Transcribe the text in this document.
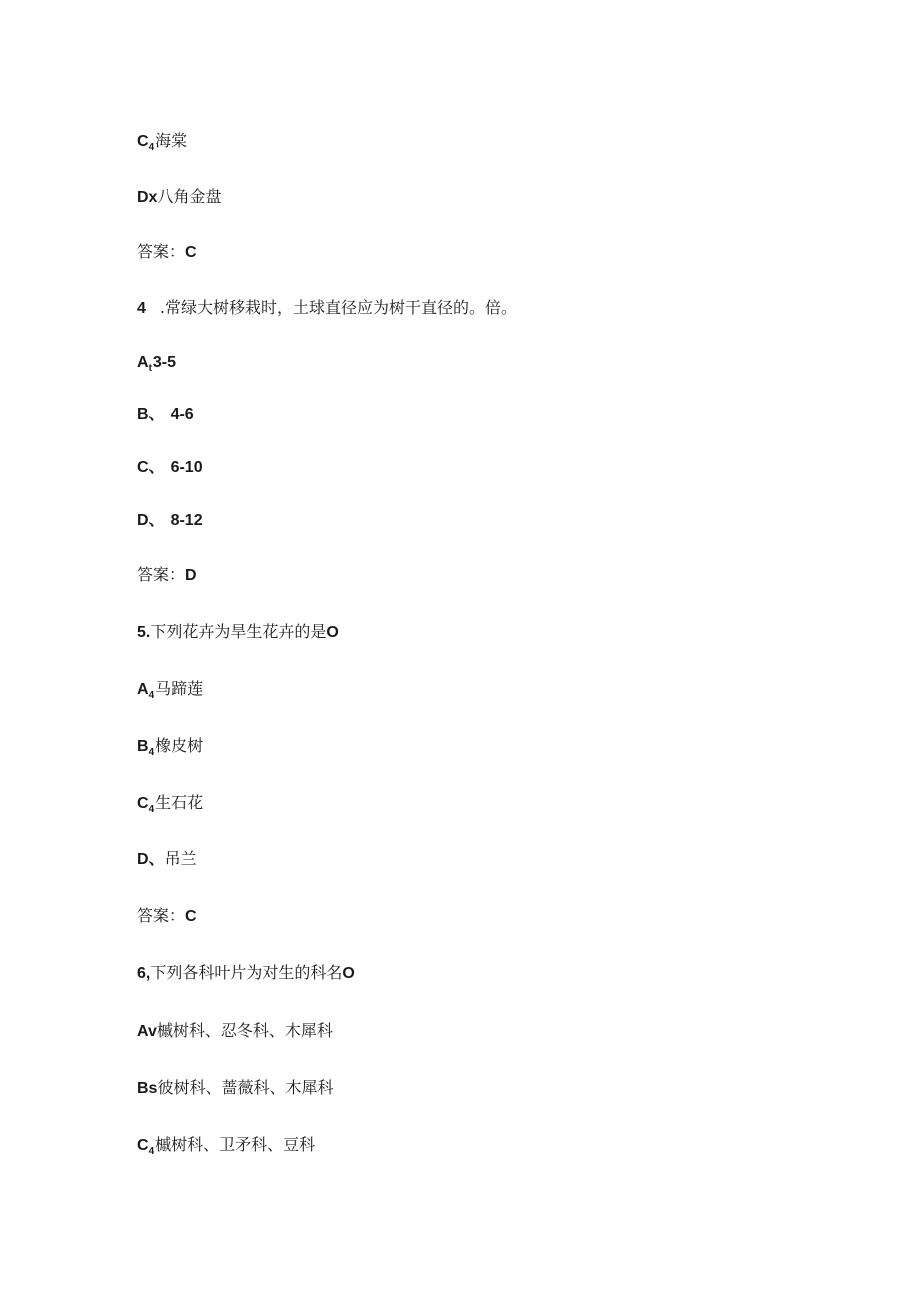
$C_4$海棠
Dx八角金盘
答案：C
4 .常绿大树移栽时，土球直径应为树干直径的。倍。
$A_t3-5$
B、 4-6
C、 6-10
D、 8-12
答案：D
5.下列花卉为旱生花卉的是O
$A_4$马蹄莲
$B_4$橡皮树
$C_4$生石花
D、吊兰
答案：C
6,下列各科叶片为对生的科名O
Av槭树科、忍冬科、木犀科
Bs彼树科、蔷薇科、木犀科
$C_4$槭树科、卫矛科、豆科
